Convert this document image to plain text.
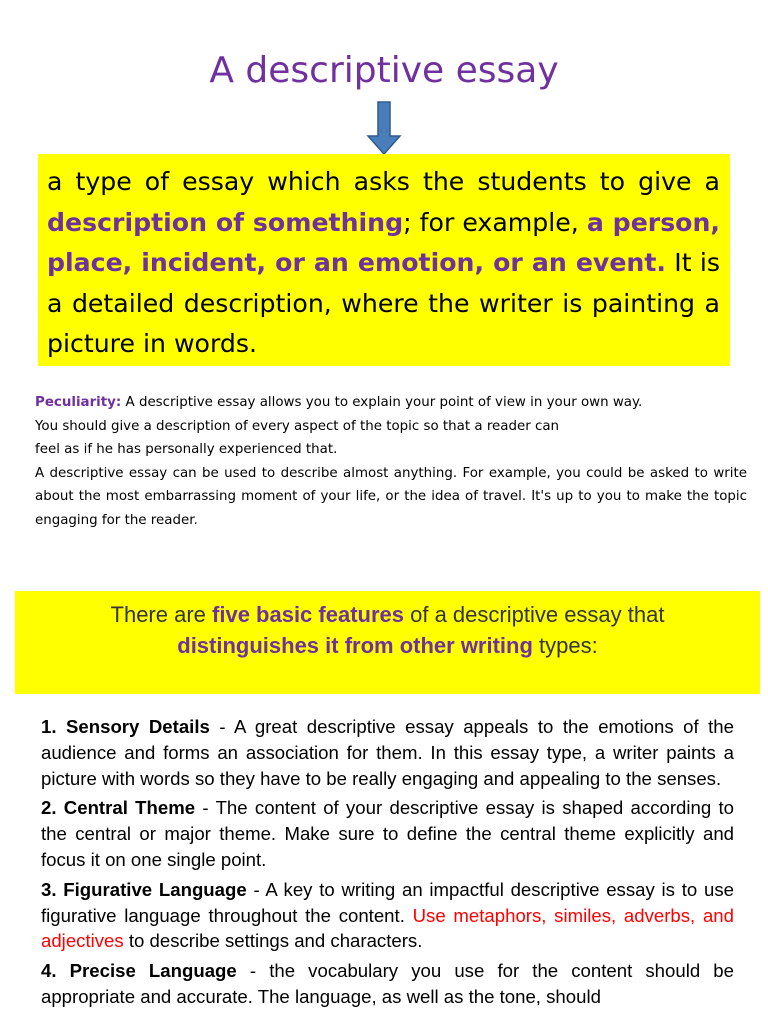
A descriptive essay

a type of essay which asks the students to give a description of something; for example, a person, place, incident, or an emotion, or an event. It is a detailed description, where the writer is painting a picture in words.

Peculiarity: A descriptive essay allows you to explain your point of view in your own way.
You should give a description of every aspect of the topic so that a reader can
feel as if he has personally experienced that.
A descriptive essay can be used to describe almost anything. For example, you could be asked to write about the most embarrassing moment of your life, or the idea of travel. It's up to you to make the topic engaging for the reader.
There are five basic features of a descriptive essay that
distinguishes it from other writing types:

1. Sensory Details - A great descriptive essay appeals to the emotions of the audience and forms an association for them. In this essay type, a writer paints a picture with words so they have to be really engaging and appealing to the senses.

2. Central Theme - The content of your descriptive essay is shaped according to the central or major theme. Make sure to define the central theme explicitly and focus it on one single point.

3. Figurative Language - A key to writing an impactful descriptive essay is to use figurative language throughout the content. Use metaphors, similes, adverbs, and adjectives to describe settings and characters.

4. Precise Language - the vocabulary you use for the content should be appropriate and accurate. The language, as well as the tone, should
